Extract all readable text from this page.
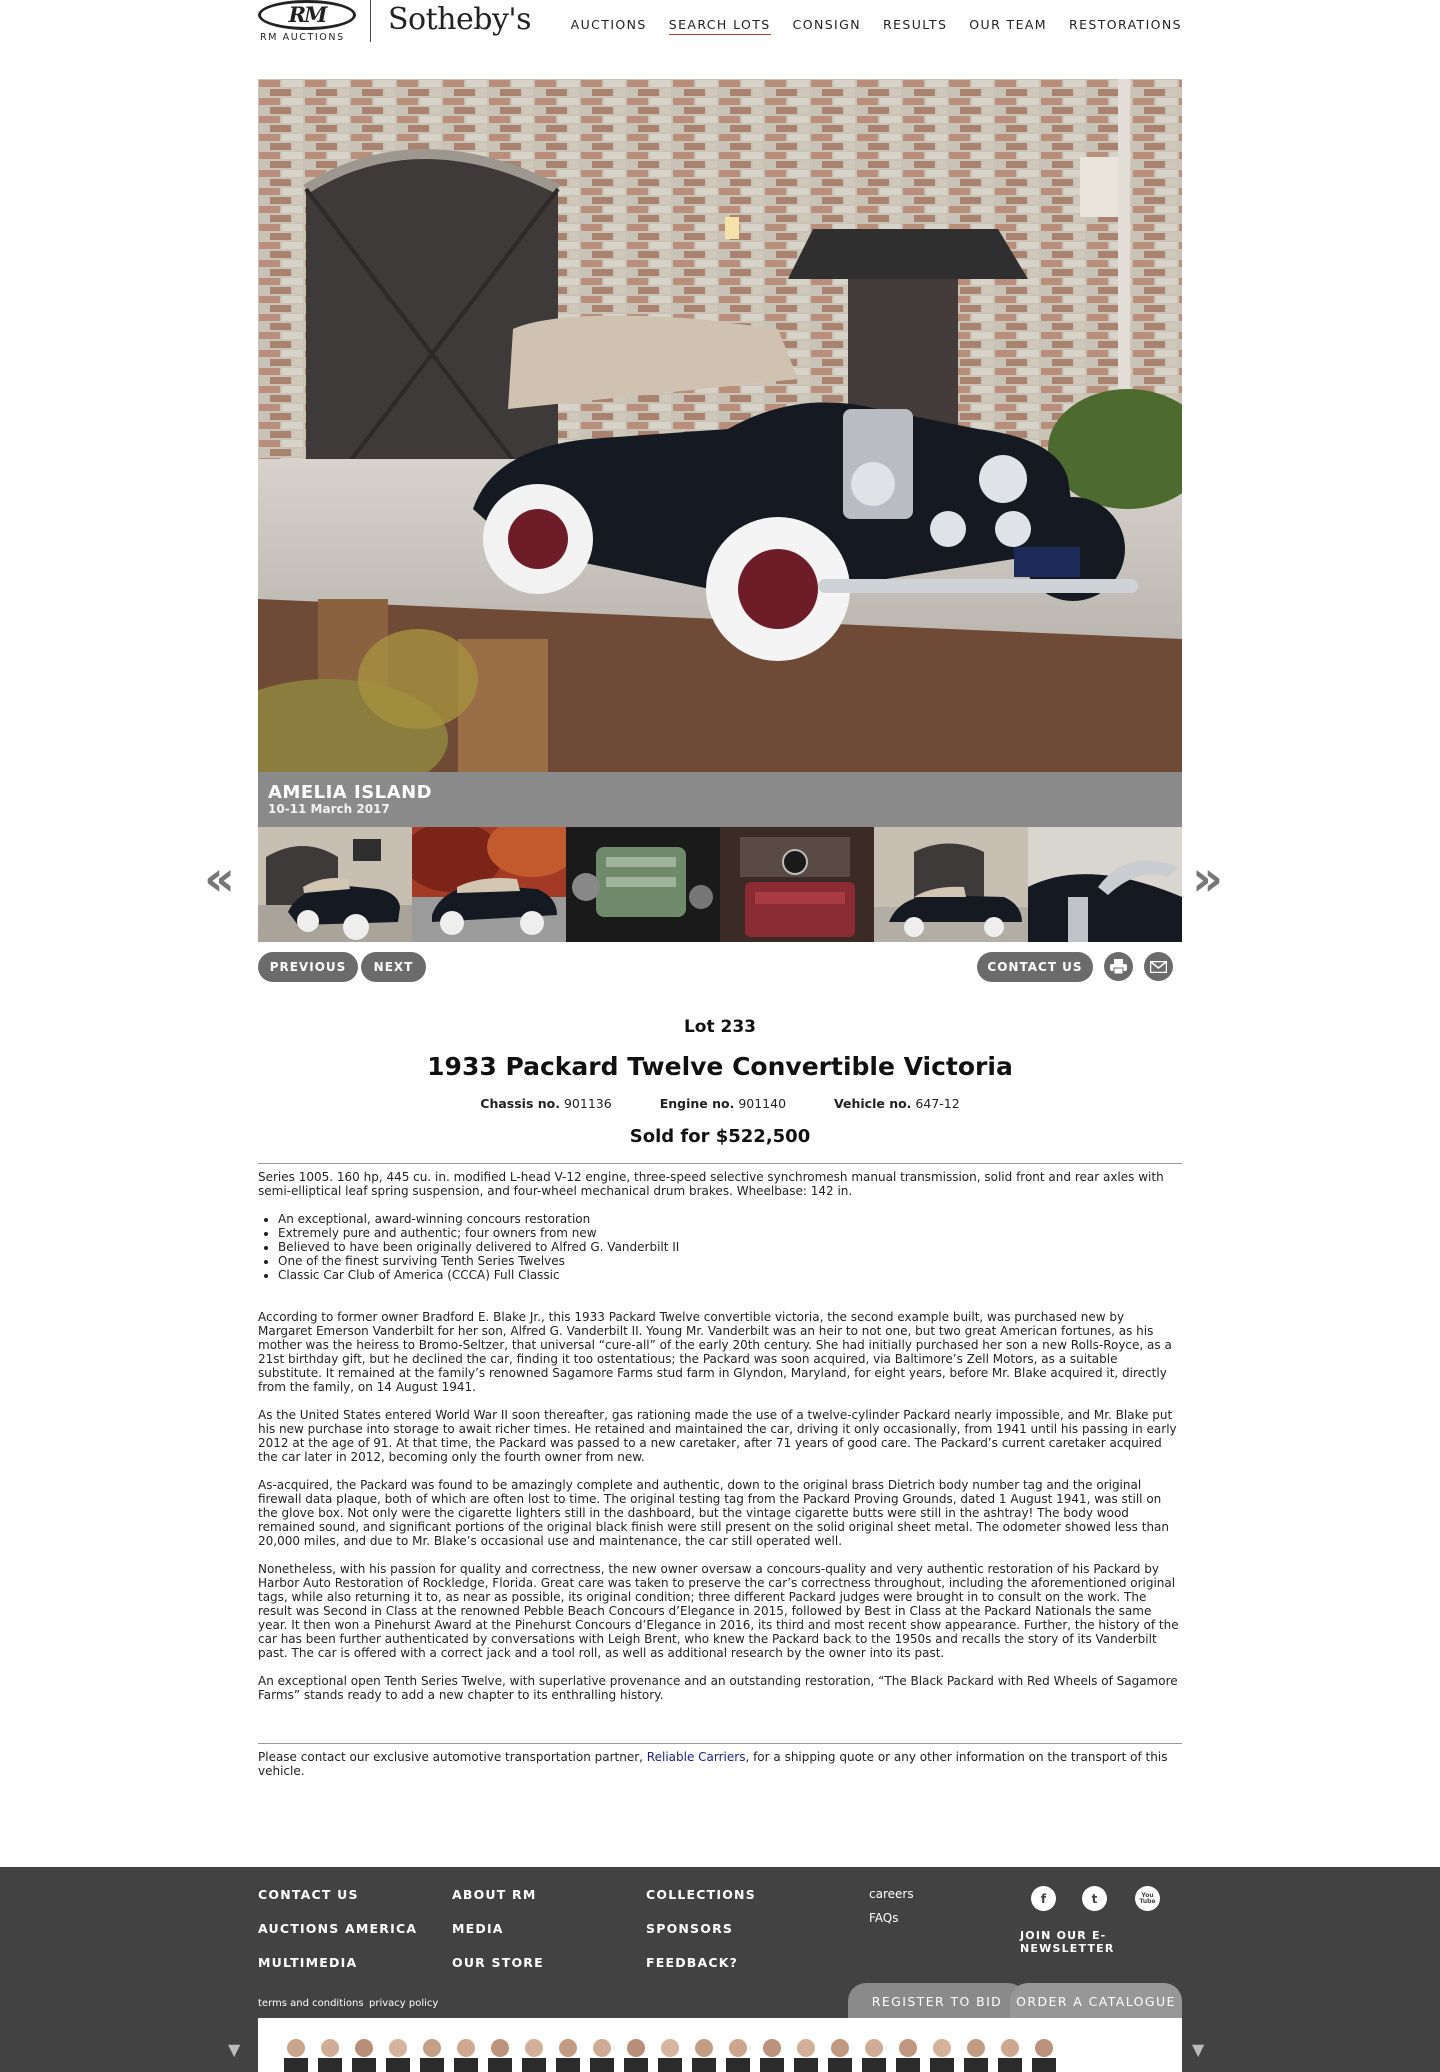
RM
RM AUCTIONS
Sotheby's	AUCTIONS SEARCH LOTS CONSIGN RESULTS OUR TEAM RESTORATIONS
AMELIA ISLAND
10-11 March 2017
«	»
PREVIOUS	NEXT	CONTACT US
Lot 233
1933 Packard Twelve Convertible Victoria
Chassis no. 901136	Engine no. 901140	Vehicle no. 647-12
Sold for $522,500

Series 1005. 160 hp, 445 cu. in. modified L-head V-12 engine, three-speed selective synchromesh manual transmission, solid front and rear axles with semi-elliptical leaf spring suspension, and four-wheel mechanical drum brakes. Wheelbase: 142 in.

• An exceptional, award-winning concours restoration
• Extremely pure and authentic; four owners from new
• Believed to have been originally delivered to Alfred G. Vanderbilt II
• One of the finest surviving Tenth Series Twelves
• Classic Car Club of America (CCCA) Full Classic

According to former owner Bradford E. Blake Jr., this 1933 Packard Twelve convertible victoria, the second example built, was purchased new by Margaret Emerson Vanderbilt for her son, Alfred G. Vanderbilt II. Young Mr. Vanderbilt was an heir to not one, but two great American fortunes, as his mother was the heiress to Bromo-Seltzer, that universal “cure-all” of the early 20th century. She had initially purchased her son a new Rolls-Royce, as a 21st birthday gift, but he declined the car, finding it too ostentatious; the Packard was soon acquired, via Baltimore’s Zell Motors, as a suitable substitute. It remained at the family’s renowned Sagamore Farms stud farm in Glyndon, Maryland, for eight years, before Mr. Blake acquired it, directly from the family, on 14 August 1941.

As the United States entered World War II soon thereafter, gas rationing made the use of a twelve-cylinder Packard nearly impossible, and Mr. Blake put his new purchase into storage to await richer times. He retained and maintained the car, driving it only occasionally, from 1941 until his passing in early 2012 at the age of 91. At that time, the Packard was passed to a new caretaker, after 71 years of good care. The Packard’s current caretaker acquired the car later in 2012, becoming only the fourth owner from new.

As-acquired, the Packard was found to be amazingly complete and authentic, down to the original brass Dietrich body number tag and the original firewall data plaque, both of which are often lost to time. The original testing tag from the Packard Proving Grounds, dated 1 August 1941, was still on the glove box. Not only were the cigarette lighters still in the dashboard, but the vintage cigarette butts were still in the ashtray! The body wood remained sound, and significant portions of the original black finish were still present on the solid original sheet metal. The odometer showed less than 20,000 miles, and due to Mr. Blake’s occasional use and maintenance, the car still operated well.

Nonetheless, with his passion for quality and correctness, the new owner oversaw a concours-quality and very authentic restoration of his Packard by Harbor Auto Restoration of Rockledge, Florida. Great care was taken to preserve the car’s correctness throughout, including the aforementioned original tags, while also returning it to, as near as possible, its original condition; three different Packard judges were brought in to consult on the work. The result was Second in Class at the renowned Pebble Beach Concours d’Elegance in 2015, followed by Best in Class at the Packard Nationals the same year. It then won a Pinehurst Award at the Pinehurst Concours d’Elegance in 2016, its third and most recent show appearance. Further, the history of the car has been further authenticated by conversations with Leigh Brent, who knew the Packard back to the 1950s and recalls the story of its Vanderbilt past. The car is offered with a correct jack and a tool roll, as well as additional research by the owner into its past.

An exceptional open Tenth Series Twelve, with superlative provenance and an outstanding restoration, “The Black Packard with Red Wheels of Sagamore Farms” stands ready to add a new chapter to its enthralling history.

Please contact our exclusive automotive transportation partner, Reliable Carriers, for a shipping quote or any other information on the transport of this vehicle.

CONTACT US
AUCTIONS AMERICA
MULTIMEDIA
ABOUT RM
MEDIA
OUR STORE
COLLECTIONS
SPONSORS
FEEDBACK?
careers
FAQs
f	t	You Tube
JOIN OUR E-NEWSLETTER
terms and conditions privacy policy	REGISTER TO BID	ORDER A CATALOGUE
▼	▼
